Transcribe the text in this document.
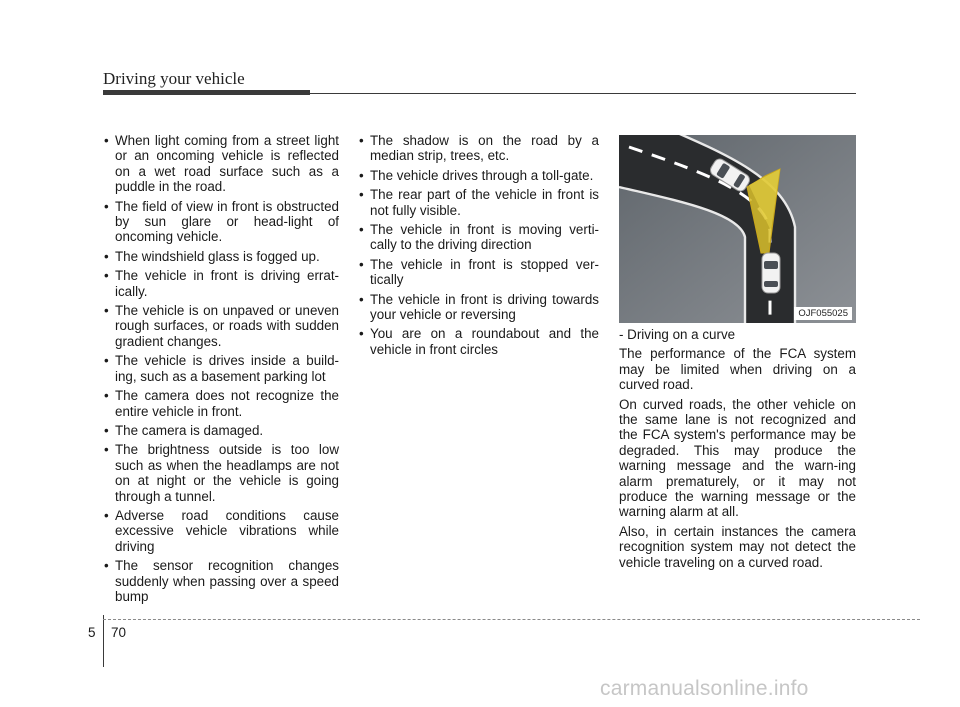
Driving your vehicle
• When light coming from a street light or an oncoming vehicle is reflected on a wet road surface such as a puddle in the road.
• The field of view in front is obstructed by sun glare or head-light of oncoming vehicle.
• The windshield glass is fogged up.
• The vehicle in front is driving errat-ically.
• The vehicle is on unpaved or uneven rough surfaces, or roads with sudden gradient changes.
• The vehicle is drives inside a build-ing, such as a basement parking lot
• The camera does not recognize the entire vehicle in front.
• The camera is damaged.
• The brightness outside is too low such as when the headlamps are not on at night or the vehicle is going through a tunnel.
• Adverse road conditions cause excessive vehicle vibrations while driving
• The sensor recognition changes suddenly when passing over a speed bump
• The shadow is on the road by a median strip, trees, etc.
• The vehicle drives through a toll-gate.
• The rear part of the vehicle in front is not fully visible.
• The vehicle in front is moving verti-cally to the driving direction
• The vehicle in front is stopped ver-tically
• The vehicle in front is driving towards your vehicle or reversing
• You are on a roundabout and the vehicle in front circles
OJF055025

- Driving on a curve

The performance of the FCA system may be limited when driving on a curved road.

On curved roads, the other vehicle on the same lane is not recognized and the FCA system's performance may be degraded. This may produce the warning message and the warn-ing alarm prematurely, or it may not produce the warning message or the warning alarm at all.

Also, in certain instances the camera recognition system may not detect the vehicle traveling on a curved road.

5 70
carmanualsonline.info
